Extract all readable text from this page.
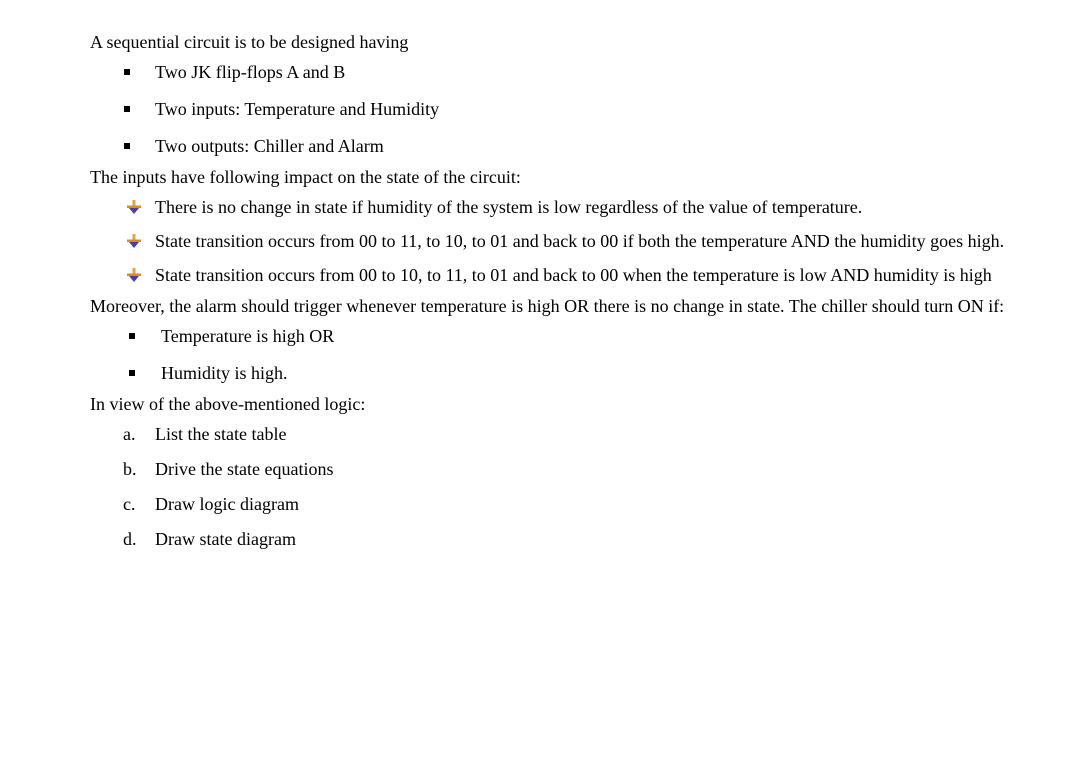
A sequential circuit is to be designed having

Two JK flip-flops A and B
Two inputs: Temperature and Humidity
Two outputs: Chiller and Alarm

The inputs have following impact on the state of the circuit:

There is no change in state if humidity of the system is low regardless of the value of temperature.
State transition occurs from 00 to 11, to 10, to 01 and back to 00 if both the temperature AND the humidity goes high.
State transition occurs from 00 to 10, to 11, to 01 and back to 00 when the temperature is low AND humidity is high

Moreover, the alarm should trigger whenever temperature is high OR there is no change in state. The chiller should turn ON if:

Temperature is high OR
Humidity is high.

In view of the above-mentioned logic:

a. List the state table
b. Drive the state equations
c. Draw logic diagram
d. Draw state diagram
